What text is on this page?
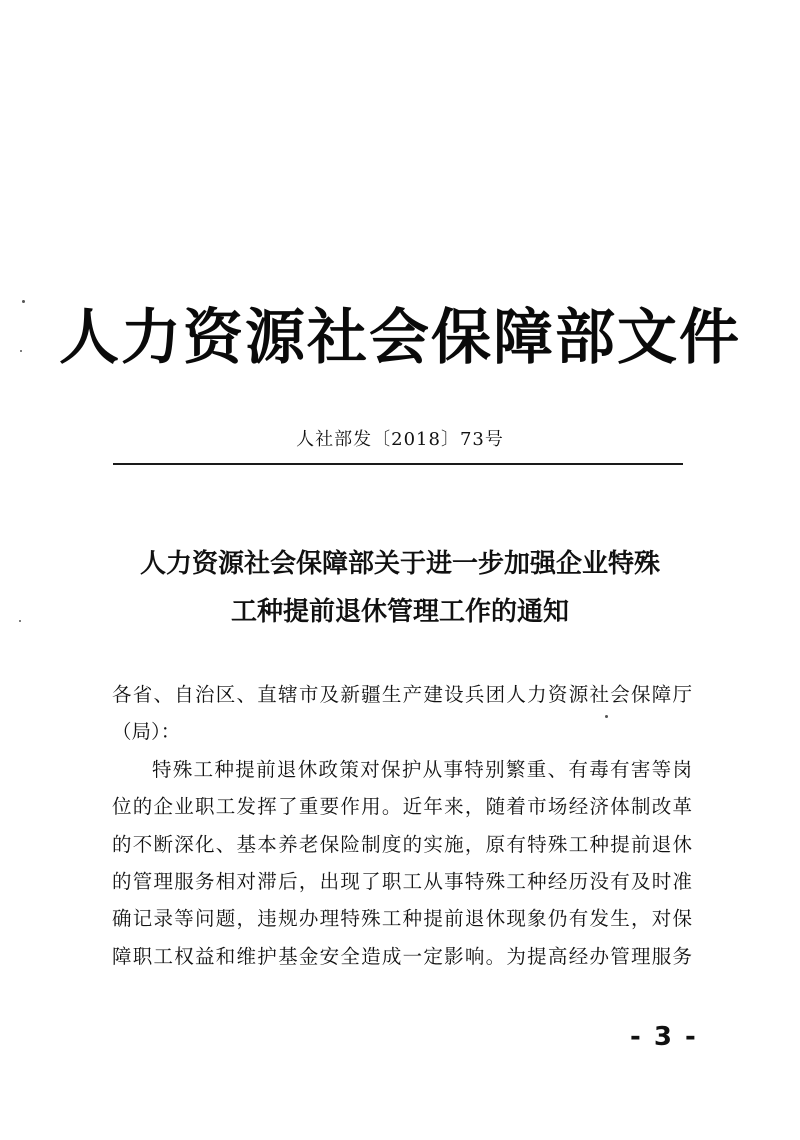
人力资源社会保障部文件
人社部发〔2018〕73号
人力资源社会保障部关于进一步加强企业特殊
工种提前退休管理工作的通知
各省、自治区、直辖市及新疆生产建设兵团人力资源社会保障厅
（局）：
特殊工种提前退休政策对保护从事特别繁重、有毒有害等岗
位的企业职工发挥了重要作用。近年来，随着市场经济体制改革
的不断深化、基本养老保险制度的实施，原有特殊工种提前退休
的管理服务相对滞后，出现了职工从事特殊工种经历没有及时准
确记录等问题，违规办理特殊工种提前退休现象仍有发生，对保
障职工权益和维护基金安全造成一定影响。为提高经办管理服务
- 3 -
